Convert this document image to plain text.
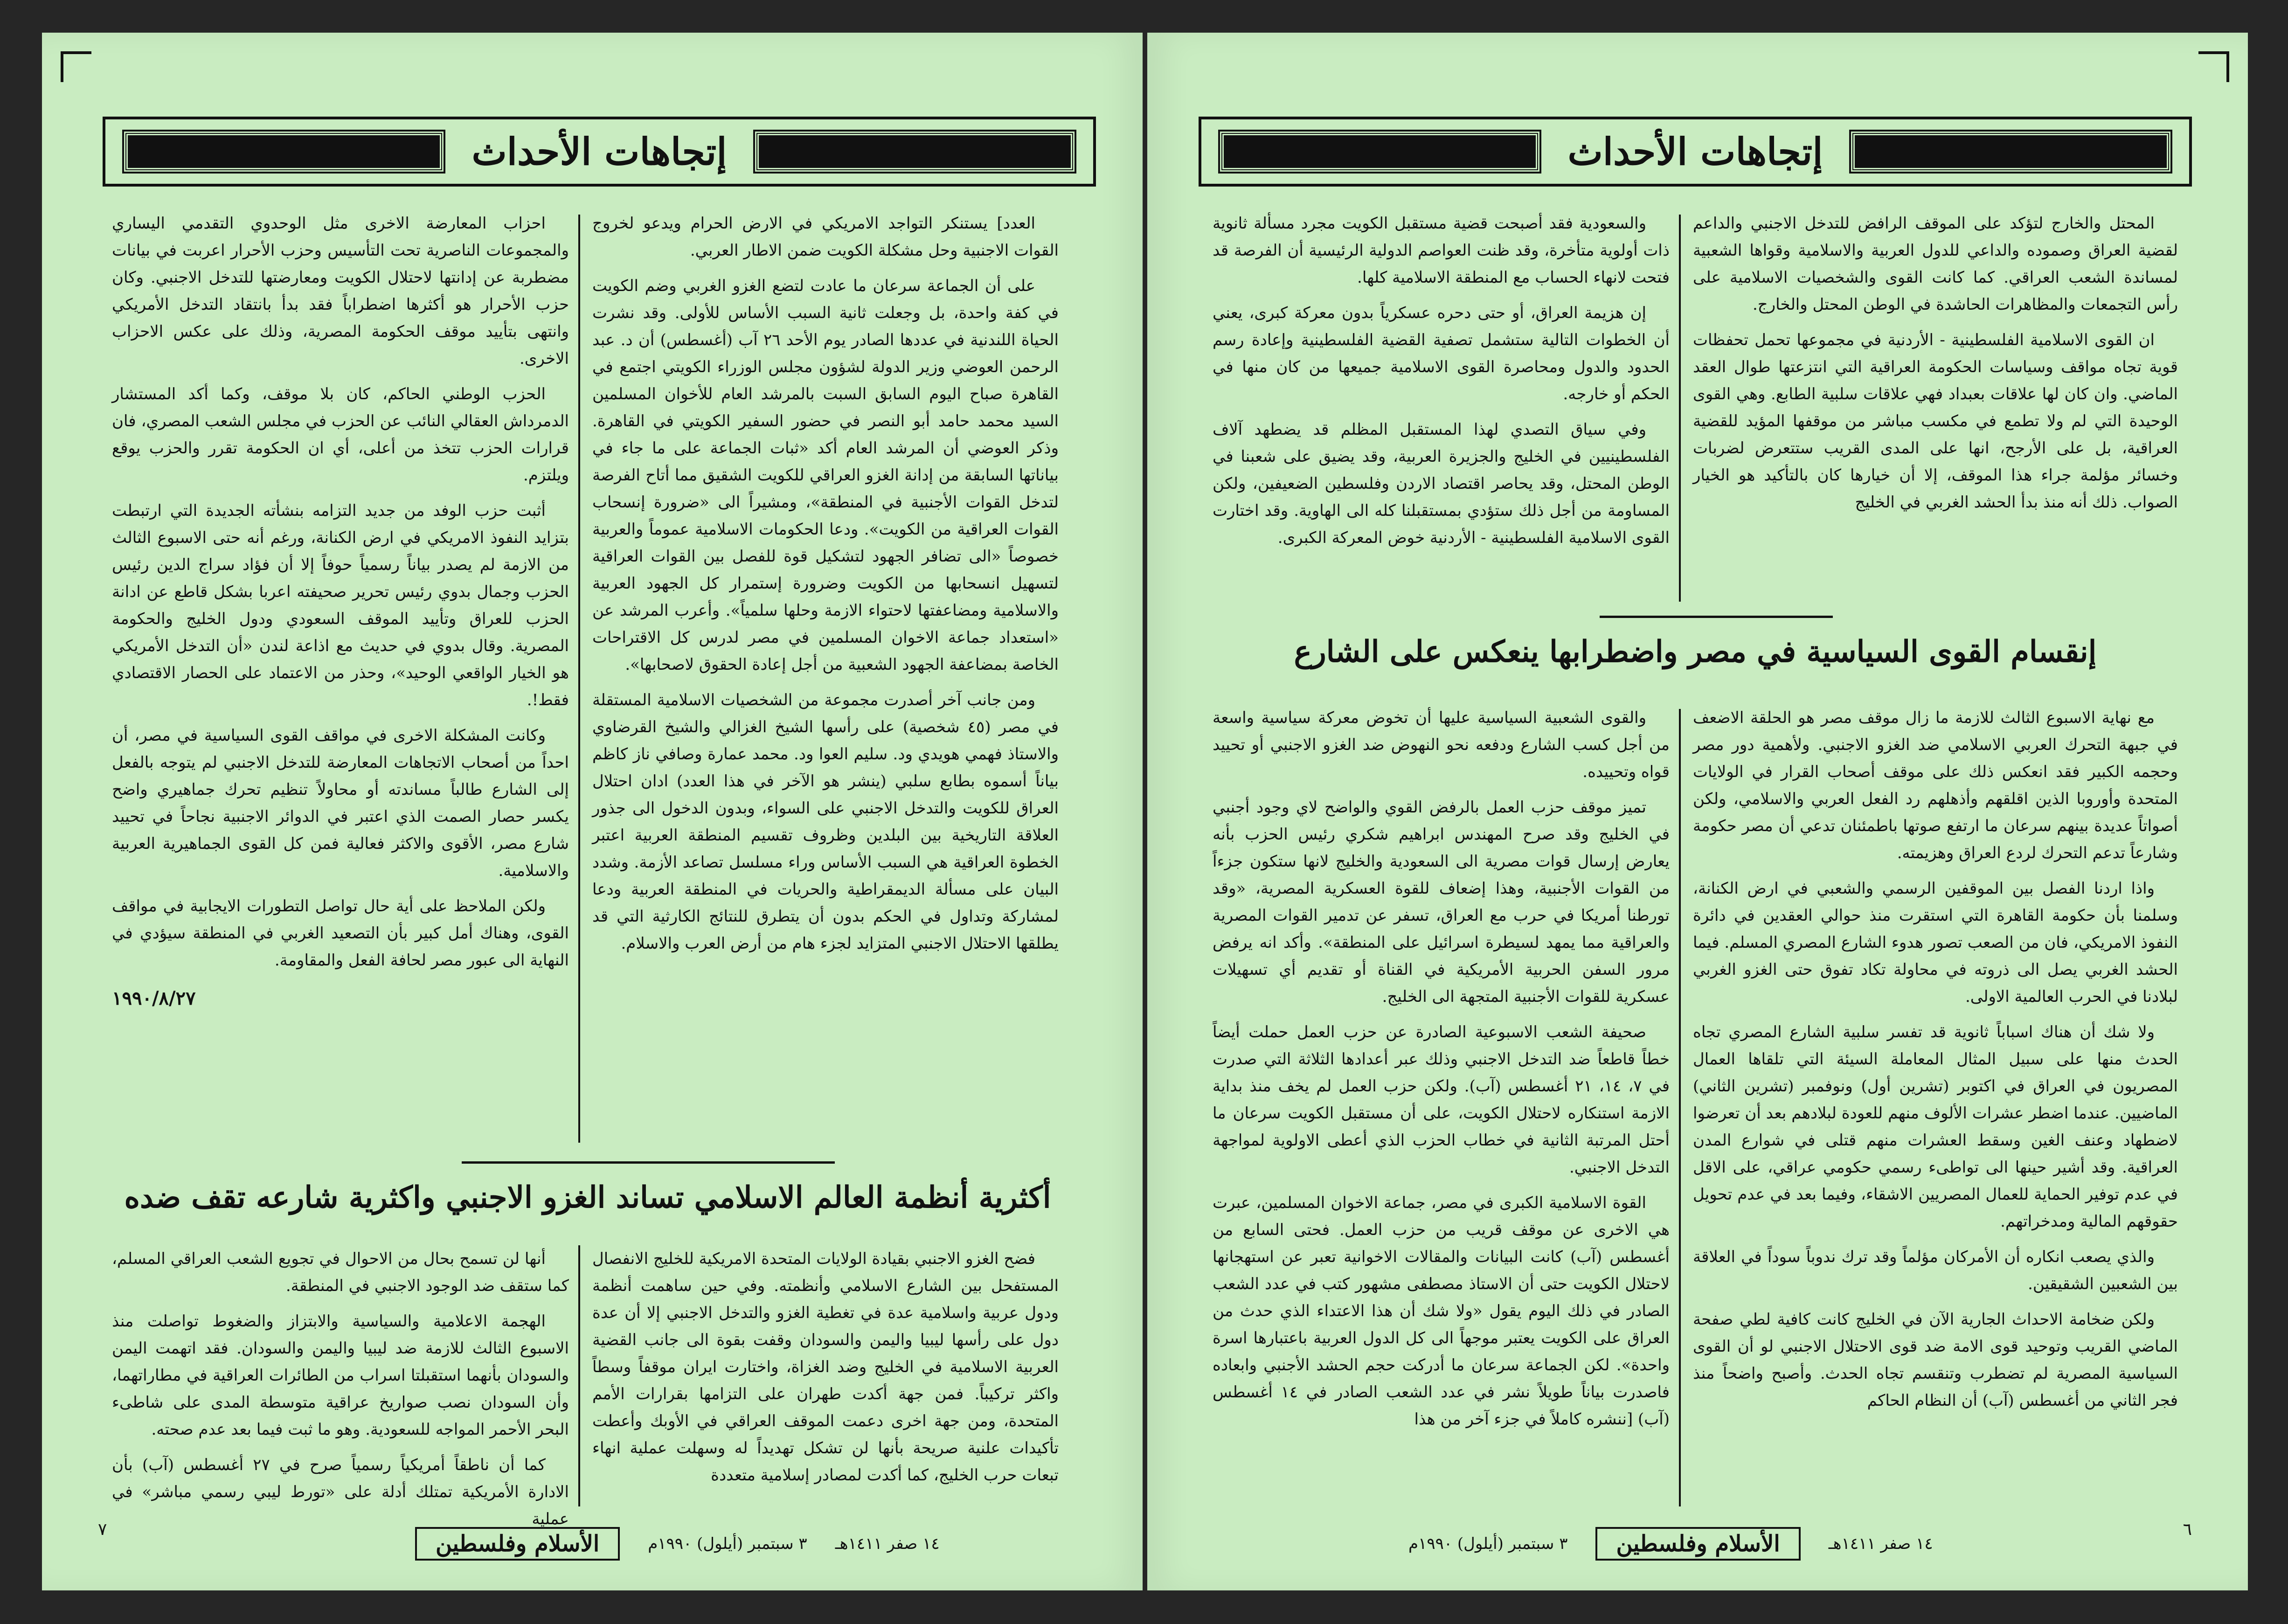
إتجاهات الأحداث

العدد] يستنكر التواجد الامريكي في الارض الحرام ويدعو لخروج القوات الاجنبية وحل مشكلة الكويت ضمن الاطار العربي.

على أن الجماعة سرعان ما عادت لتضع الغزو الغربي وضم الكويت في كفة واحدة، بل وجعلت ثانية السبب الأساس للأولى. وقد نشرت الحياة اللندنية في عددها الصادر يوم الأحد ٢٦ آب (أغسطس) أن د. عبد الرحمن العوضي وزير الدولة لشؤون مجلس الوزراء الكويتي اجتمع في القاهرة صباح اليوم السابق السبت بالمرشد العام للأخوان المسلمين السيد محمد حامد أبو النصر في حضور السفير الكويتي في القاهرة. وذكر العوضي أن المرشد العام أكد «ثبات الجماعة على ما جاء في بياناتها السابقة من إدانة الغزو العراقي للكويت الشقيق مما أتاح الفرصة لتدخل القوات الأجنبية في المنطقة»، ومشيراً الى «ضرورة إنسحاب القوات العراقية من الكويت». ودعا الحكومات الاسلامية عموماً والعربية خصوصاً «الى تضافر الجهود لتشكيل قوة للفصل بين القوات العراقية لتسهيل انسحابها من الكويت وضرورة إستمرار كل الجهود العربية والاسلامية ومضاعفتها لاحتواء الازمة وحلها سلمياً». وأعرب المرشد عن «استعداد جماعة الاخوان المسلمين في مصر لدرس كل الاقتراحات الخاصة بمضاعفة الجهود الشعبية من أجل إعادة الحقوق لاصحابها».

ومن جانب آخر أصدرت مجموعة من الشخصيات الاسلامية المستقلة في مصر (٤٥ شخصية) على رأسها الشيخ الغزالي والشيخ القرضاوي والاستاذ فهمي هويدي ود. سليم العوا ود. محمد عمارة وصافي ناز كاظم بياناً أسموه بطابع سلبي (ينشر هو الآخر في هذا العدد) ادان احتلال العراق للكويت والتدخل الاجنبي على السواء، وبدون الدخول الى جذور العلاقة التاريخية بين البلدين وظروف تقسيم المنطقة العربية اعتبر الخطوة العراقية هي السبب الأساس وراء مسلسل تصاعد الأزمة. وشدد البيان على مسألة الديمقراطية والحريات في المنطقة العربية ودعا لمشاركة وتداول في الحكم بدون أن يتطرق للنتائج الكارثية التي قد يطلقها الاحتلال الاجنبي المتزايد لجزء هام من أرض العرب والاسلام.

احزاب المعارضة الاخرى مثل الوحدوي التقدمي اليساري والمجموعات الناصرية تحت التأسيس وحزب الأحرار اعربت في بيانات مضطربة عن إدانتها لاحتلال الكويت ومعارضتها للتدخل الاجنبي. وكان حزب الأحرار هو أكثرها اضطراباً فقد بدأ بانتقاد التدخل الأمريكي وانتهى بتأييد موقف الحكومة المصرية، وذلك على عكس الاحزاب الاخرى.

الحزب الوطني الحاكم، كان بلا موقف، وكما أكد المستشار الدمرداش العقالي النائب عن الحزب في مجلس الشعب المصري، فان قرارات الحزب تتخذ من أعلى، أي ان الحكومة تقرر والحزب يوقع ويلتزم.

أثبت حزب الوفد من جديد التزامه بنشأته الجديدة التي ارتبطت بتزايد النفوذ الامريكي في ارض الكنانة، ورغم أنه حتى الاسبوع الثالث من الازمة لم يصدر بياناً رسمياً حوفاً إلا أن فؤاد سراج الدين رئيس الحزب وجمال بدوي رئيس تحرير صحيفته اعربا بشكل قاطع عن ادانة الحزب للعراق وتأييد الموقف السعودي ودول الخليج والحكومة المصرية. وقال بدوي في حديث مع اذاعة لندن «أن التدخل الأمريكي هو الخيار الواقعي الوحيد»، وحذر من الاعتماد على الحصار الاقتصادي فقط!.

وكانت المشكلة الاخرى في مواقف القوى السياسية في مصر، أن احداً من أصحاب الاتجاهات المعارضة للتدخل الاجنبي لم يتوجه بالفعل إلى الشارع طالباً مساندته أو محاولاً تنظيم تحرك جماهيري واضح يكسر حصار الصمت الذي اعتبر في الدوائر الاجنبية نجاحاً في تحييد شارع مصر، الأقوى والاكثر فعالية فمن كل القوى الجماهيرية العربية والاسلامية.

ولكن الملاحظ على أية حال تواصل التطورات الايجابية في مواقف القوى، وهناك أمل كبير بأن التصعيد الغربي في المنطقة سيؤدي في النهاية الى عبور مصر لحافة الفعل والمقاومة.

١٩٩٠/٨/٢٧
أكثرية أنظمة العالم الاسلامي تساند الغزو الاجنبي واكثرية شارعه تقف ضده

فضح الغزو الاجنبي بقيادة الولايات المتحدة الامريكية للخليج الانفصال المستفحل بين الشارع الاسلامي وأنظمته. وفي حين ساهمت أنظمة ودول عربية واسلامية عدة في تغطية الغزو والتدخل الاجنبي إلا أن عدة دول على رأسها ليبيا واليمن والسودان وقفت بقوة الى جانب القضية العربية الاسلامية في الخليج وضد الغزاة، واختارت ايران موقفاً وسطاً واكثر تركيباً. فمن جهة أكدت طهران على التزامها بقرارات الأمم المتحدة، ومن جهة اخرى دعمت الموقف العراقي في الأوبك وأعطت تأكيدات علنية صريحة بأنها لن تشكل تهديداً له وسهلت عملية انهاء تبعات حرب الخليج، كما أكدت لمصادر إسلامية متعددة

أنها لن تسمح بحال من الاحوال في تجويع الشعب العراقي المسلم، كما ستقف ضد الوجود الاجنبي في المنطقة.

الهجمة الاعلامية والسياسية والابتزاز والضغوط تواصلت منذ الاسبوع الثالث للازمة ضد ليبيا واليمن والسودان. فقد اتهمت اليمن والسودان بأنهما استقبلتا اسراب من الطائرات العراقية في مطاراتهما، وأن السودان نصب صواريخ عراقية متوسطة المدى على شاطىء البحر الأحمر المواجه للسعودية. وهو ما ثبت فيما بعد عدم صحته.

كما أن ناطقاً أمريكياً رسمياً صرح في ٢٧ أغسطس (آب) بأن الادارة الأمريكية تمتلك أدلة على «تورط ليبي رسمي مباشر» في عملية

٧
١٤ صفر ١٤١١هـ
٣ سبتمبر (أيلول) ١٩٩٠م
الأسلام وفلسطين
إتجاهات الأحداث

المحتل والخارج لتؤكد على الموقف الرافض للتدخل الاجنبي والداعم لقضية العراق وصموده والداعي للدول العربية والاسلامية وقواها الشعبية لمساندة الشعب العراقي. كما كانت القوى والشخصيات الاسلامية على رأس التجمعات والمظاهرات الحاشدة في الوطن المحتل والخارج.

ان القوى الاسلامية الفلسطينية - الأردنية في مجموعها تحمل تحفظات قوية تجاه مواقف وسياسات الحكومة العراقية التي انتزعتها طوال العقد الماضي. وان كان لها علاقات بعبداد فهي علاقات سلبية الطابع. وهي القوى الوحيدة التي لم ولا تطمع في مكسب مباشر من موقفها المؤيد للقضية العراقية، بل على الأرجح، انها على المدى القريب ستتعرض لضربات وخسائر مؤلمة جراء هذا الموقف، إلا أن خيارها كان بالتأكيد هو الخيار الصواب. ذلك أنه منذ بدأ الحشد الغربي في الخليج

والسعودية فقد أصبحت قضية مستقبل الكويت مجرد مسألة ثانوية ذات أولوية متأخرة، وقد ظنت العواصم الدولية الرئيسية أن الفرصة قد فتحت لانهاء الحساب مع المنطقة الاسلامية كلها.

إن هزيمة العراق، أو حتى دحره عسكرياً بدون معركة كبرى، يعني أن الخطوات التالية ستشمل تصفية القضية الفلسطينية وإعادة رسم الحدود والدول ومحاصرة القوى الاسلامية جميعها من كان منها في الحكم أو خارجه.

وفي سياق التصدي لهذا المستقبل المظلم قد يضطهد آلاف الفلسطينيين في الخليج والجزيرة العربية، وقد يضيق على شعبنا في الوطن المحتل، وقد يحاصر اقتصاد الاردن وفلسطين الضعيفين، ولكن المساومة من أجل ذلك ستؤدي بمستقبلنا كله الى الهاوية. وقد اختارت القوى الاسلامية الفلسطينية - الأردنية خوض المعركة الكبرى.

إنقسام القوى السياسية في مصر واضطرابها ينعكس على الشارع

مع نهاية الاسبوع الثالث للازمة ما زال موقف مصر هو الحلقة الاضعف في جبهة التحرك العربي الاسلامي ضد الغزو الاجنبي. ولأهمية دور مصر وحجمه الكبير فقد انعكس ذلك على موقف أصحاب القرار في الولايات المتحدة وأوروبا الذين اقلقهم وأذهلهم رد الفعل العربي والاسلامي، ولكن أصواتاً عديدة بينهم سرعان ما ارتفع صوتها باطمئنان تدعي أن مصر حكومة وشارعاً تدعم التحرك لردع العراق وهزيمته.

واذا اردنا الفصل بين الموقفين الرسمي والشعبي في ارض الكنانة، وسلمنا بأن حكومة القاهرة التي استقرت منذ حوالي العقدين في دائرة النفوذ الامريكي، فان من الصعب تصور هدوء الشارع المصري المسلم. فيما الحشد الغربي يصل الى ذروته في محاولة تكاد تفوق حتى الغزو الغربي لبلادنا في الحرب العالمية الاولى.

ولا شك أن هناك اسباباً ثانوية قد تفسر سلبية الشارع المصري تجاه الحدث منها على سبيل المثال المعاملة السيئة التي تلقاها العمال المصريون في العراق في اكتوبر (تشرين أول) ونوفمبر (تشرين الثاني) الماضيين. عندما اضطر عشرات الألوف منهم للعودة لبلادهم بعد أن تعرضوا لاضطهاد وعنف الغين وسقط العشرات منهم قتلى في شوارع المدن العراقية. وقد أشير حينها الى تواطىء رسمي حكومي عراقي، على الاقل في عدم توفير الحماية للعمال المصريين الاشقاء، وفيما بعد في عدم تحويل حقوقهم المالية ومدخراتهم.

والذي يصعب انكاره أن الأمركان مؤلماً وقد ترك ندوباً سوداً في العلاقة بين الشعبين الشقيقين.

ولكن ضخامة الاحداث الجارية الآن في الخليج كانت كافية لطي صفحة الماضي القريب وتوحيد قوى الامة ضد قوى الاحتلال الاجنبي لو أن القوى السياسية المصرية لم تضطرب وتنقسم تجاه الحدث. وأصبح واضحاً منذ فجر الثاني من أغسطس (آب) أن النظام الحاكم

والقوى الشعبية السياسية عليها أن تخوض معركة سياسية واسعة من أجل كسب الشارع ودفعه نحو النهوض ضد الغزو الاجنبي أو تحييد قواه وتحييده.

تميز موقف حزب العمل بالرفض القوي والواضح لاي وجود أجنبي في الخليج وقد صرح المهندس ابراهيم شكري رئيس الحزب بأنه يعارض إرسال قوات مصرية الى السعودية والخليج لانها ستكون جزءاً من القوات الأجنبية، وهذا إضعاف للقوة العسكرية المصرية، «وقد تورطنا أمريكا في حرب مع العراق، تسفر عن تدمير القوات المصرية والعراقية مما يمهد لسيطرة اسرائيل على المنطقة». وأكد انه يرفض مرور السفن الحربية الأمريكية في القناة أو تقديم أي تسهيلات عسكرية للقوات الأجنبية المتجهة الى الخليج.

صحيفة الشعب الاسبوعية الصادرة عن حزب العمل حملت أيضاً خطاً قاطعاً ضد التدخل الاجنبي وذلك عبر أعدادها الثلاثة التي صدرت في ٧، ١٤، ٢١ أغسطس (آب). ولكن حزب العمل لم يخف منذ بداية الازمة استنكاره لاحتلال الكويت، على أن مستقبل الكويت سرعان ما أحتل المرتبة الثانية في خطاب الحزب الذي أعطى الاولوية لمواجهة التدخل الاجنبي.

القوة الاسلامية الكبرى في مصر، جماعة الاخوان المسلمين، عبرت هي الاخرى عن موقف قريب من حزب العمل. فحتى السابع من أغسطس (آب) كانت البيانات والمقالات الاخوانية تعبر عن استهجانها لاحتلال الكويت حتى أن الاستاذ مصطفى مشهور كتب في عدد الشعب الصادر في ذلك اليوم يقول «ولا شك أن هذا الاعتداء الذي حدث من العراق على الكويت يعتبر موجهاً الى كل الدول العربية باعتبارها اسرة واحدة». لكن الجماعة سرعان ما أدركت حجم الحشد الأجنبي وابعاده فاصدرت بياناً طويلاً نشر في عدد الشعب الصادر في ١٤ أغسطس (آب) [ننشره كاملاً في جزء آخر من هذا

٦
١٤ صفر ١٤١١هـ
الأسلام وفلسطين
٣ سبتمبر (أيلول) ١٩٩٠م
